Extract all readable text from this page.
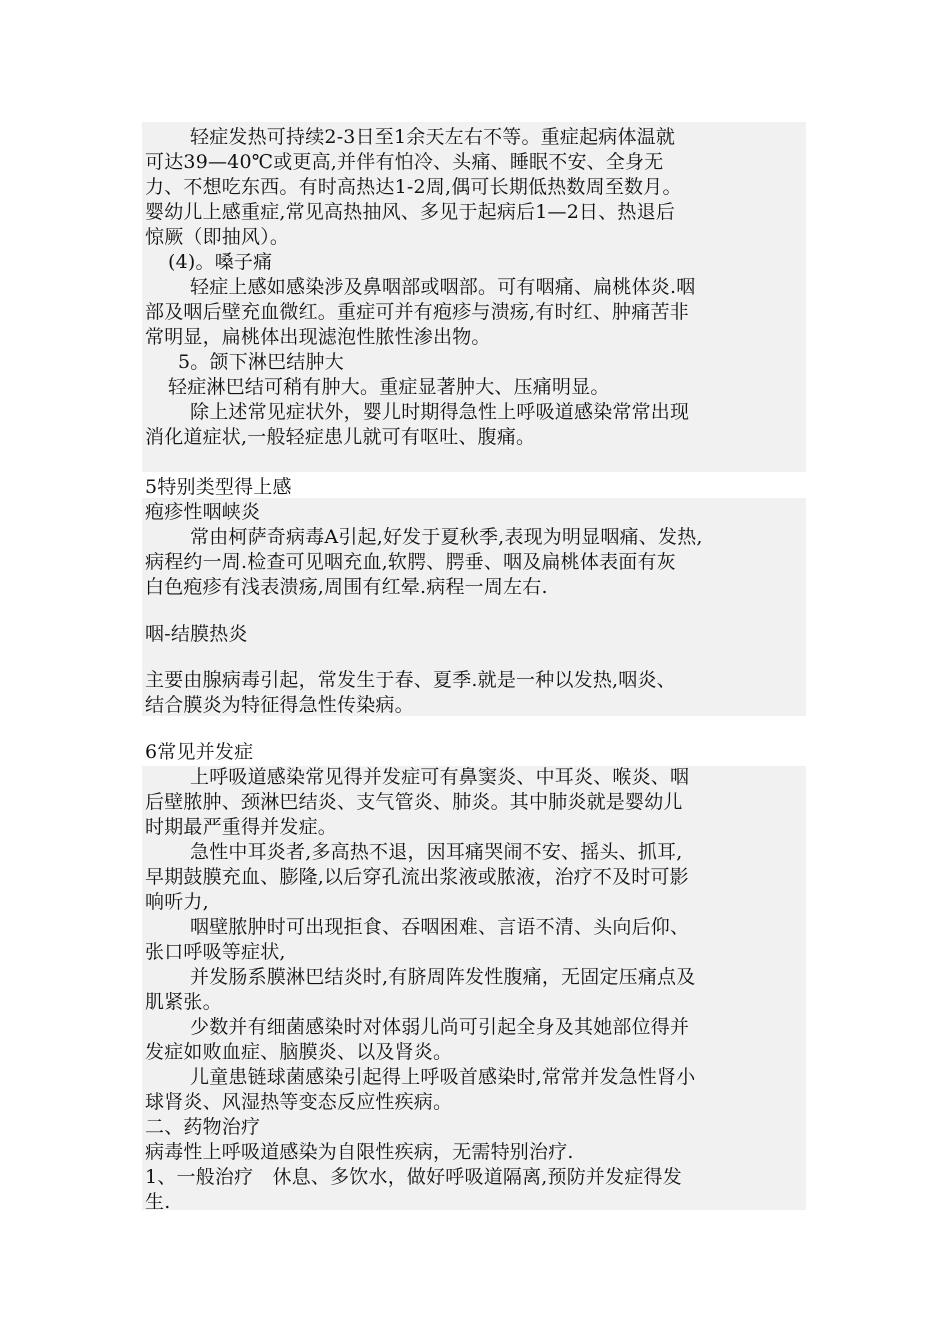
轻症发热可持续2-3日至1余天左右不等。重症起病体温就
可达39—40℃或更高,并伴有怕冷、头痛、睡眠不安、全身无
力、不想吃东西。有时高热达1-2周,偶可长期低热数周至数月。
婴幼儿上感重症,常见高热抽风、多见于起病后1—2日、热退后
惊厥（即抽风）。
(4)。嗓子痛
轻症上感如感染涉及鼻咽部或咽部。可有咽痛、扁桃体炎.咽
部及咽后壁充血微红。重症可并有疱疹与溃疡,有时红、肿痛苦非
常明显，扁桃体出现滤泡性脓性渗出物。
5。颌下淋巴结肿大
轻症淋巴结可稍有肿大。重症显著肿大、压痛明显。
除上述常见症状外，婴儿时期得急性上呼吸道感染常常出现
消化道症状,一般轻症患儿就可有呕吐、腹痛。
5特别类型得上感
疱疹性咽峡炎
常由柯萨奇病毒A引起,好发于夏秋季,表现为明显咽痛、发热,
病程约一周.检查可见咽充血,软腭、腭垂、咽及扁桃体表面有灰
白色疱疹有浅表溃疡,周围有红晕.病程一周左右.
咽-结膜热炎
主要由腺病毒引起，常发生于春、夏季.就是一种以发热,咽炎、
结合膜炎为特征得急性传染病。
6常见并发症
上呼吸道感染常见得并发症可有鼻窦炎、中耳炎、喉炎、咽
后壁脓肿、颈淋巴结炎、支气管炎、肺炎。其中肺炎就是婴幼儿
时期最严重得并发症。
急性中耳炎者,多高热不退，因耳痛哭闹不安、摇头、抓耳,
早期鼓膜充血、膨隆,以后穿孔流出浆液或脓液，治疗不及时可影
响听力,
咽壁脓肿时可出现拒食、吞咽困难、言语不清、头向后仰、
张口呼吸等症状,
并发肠系膜淋巴结炎时,有脐周阵发性腹痛，无固定压痛点及
肌紧张。
少数并有细菌感染时对体弱儿尚可引起全身及其她部位得并
发症如败血症、脑膜炎、以及肾炎。
儿童患链球菌感染引起得上呼吸首感染时,常常并发急性肾小
球肾炎、风湿热等变态反应性疾病。
二、药物治疗
病毒性上呼吸道感染为自限性疾病，无需特别治疗.
1、一般治疗　休息、多饮水，做好呼吸道隔离,预防并发症得发
生.
